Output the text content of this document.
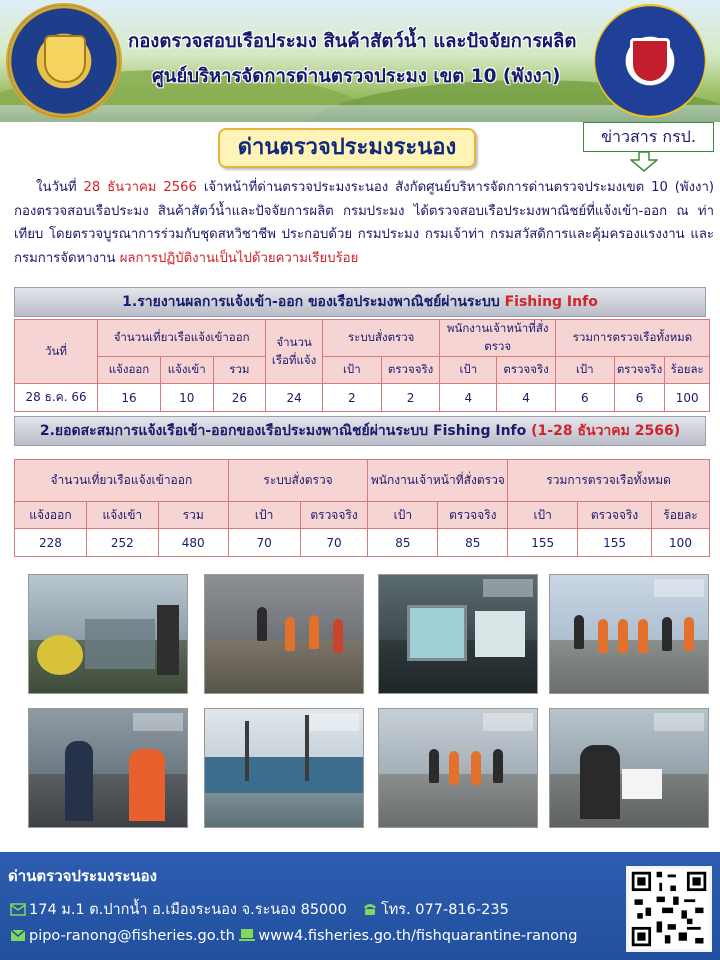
กองตรวจสอบเรือประมง สินค้าสัตว์น้ำ และปัจจัยการผลิต
ศูนย์บริหารจัดการด่านตรวจประมง เขต 10 (พังงา)
ด่านตรวจประมงระนอง	ข่าวสาร กรป.
ในวันที่ 28 ธันวาคม 2566 เจ้าหน้าที่ด่านตรวจประมงระนอง สังกัดศูนย์บริหารจัดการด่านตรวจประมงเขต 10 (พังงา) กองตรวจสอบเรือประมง สินค้าสัตว์น้ำและปัจจัยการผลิต กรมประมง ได้ตรวจสอบเรือประมงพาณิชย์ที่แจ้งเข้า-ออก ณ ท่าเทียบ โดยตรวจบูรณาการร่วมกับชุดสหวิชาชีพ ประกอบด้วย กรมประมง กรมเจ้าท่า กรมสวัสดิการและคุ้มครองแรงงาน และกรมการจัดหางาน ผลการปฏิบัติงานเป็นไปด้วยความเรียบร้อย
1.รายงานผลการแจ้งเข้า-ออก ของเรือประมงพาณิชย์ผ่านระบบ Fishing Info
วันที่	จำนวนเที่ยวเรือแจ้งเข้าออก			จำนวนเรือที่แจ้ง	ระบบสั่งตรวจ		พนักงานเจ้าหน้าที่สั่งตรวจ		รวมการตรวจเรือทั้งหมด		
	แจ้งออก	แจ้งเข้า	รวม		เป้า	ตรวจจริง	เป้า	ตรวจจริง	เป้า	ตรวจจริง	ร้อยละ
28 ธ.ค. 66	16	10	26	24	2	2	4	4	6	6	100
2.ยอดสะสมการแจ้งเรือเข้า-ออกของเรือประมงพาณิชย์ผ่านระบบ Fishing Info (1-28 ธันวาคม 2566)
จำนวนเที่ยวเรือแจ้งเข้าออก			ระบบสั่งตรวจ		พนักงานเจ้าหน้าที่สั่งตรวจ		รวมการตรวจเรือทั้งหมด		
แจ้งออก	แจ้งเข้า	รวม	เป้า	ตรวจจริง	เป้า	ตรวจจริง	เป้า	ตรวจจริง	ร้อยละ
228	252	480	70	70	85	85	155	155	100
ด่านตรวจประมงระนอง
174 ม.1 ต.ปากน้ำ อ.เมืองระนอง จ.ระนอง 85000 โทร. 077-816-235
pipo-ranong@fisheries.go.th www4.fisheries.go.th/fishquarantine-ranong
